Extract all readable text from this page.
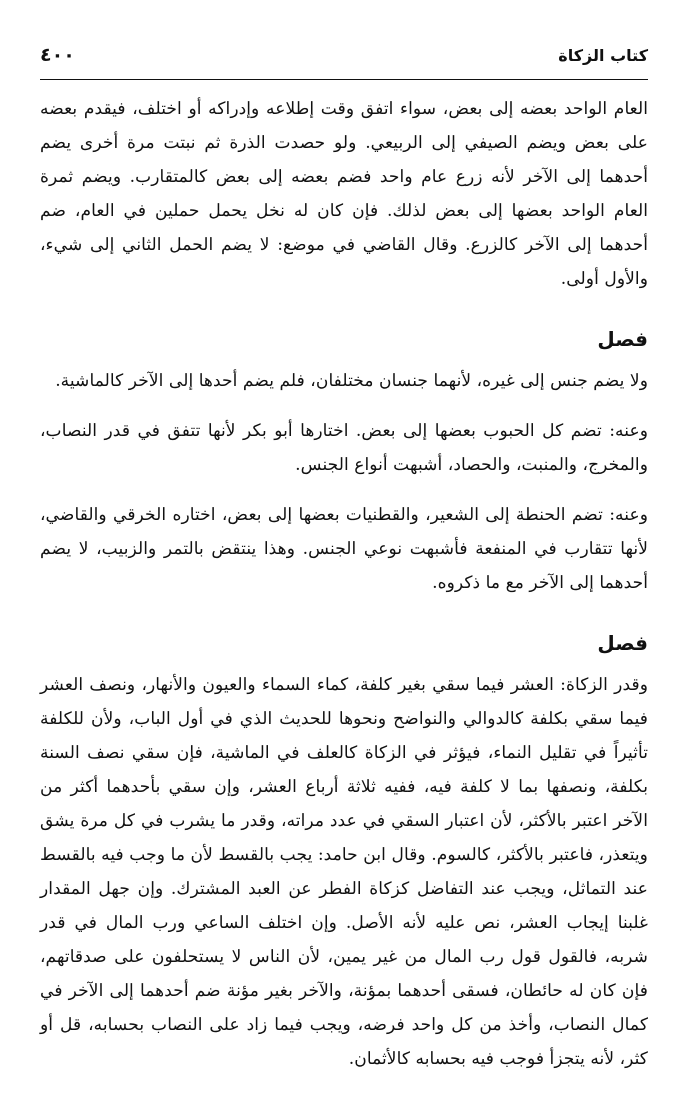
كتاب الزكاة
٤٠٠

العام الواحد بعضه إلى بعض، سواء اتفق وقت إطلاعه وإدراكه أو اختلف، فيقدم بعضه على بعض ويضم الصيفي إلى الربيعي. ولو حصدت الذرة ثم نبتت مرة أخرى يضم أحدهما إلى الآخر لأنه زرع عام واحد فضم بعضه إلى بعض كالمتقارب. ويضم ثمرة العام الواحد بعضها إلى بعض لذلك. فإن كان له نخل يحمل حملين في العام، ضم أحدهما إلى الآخر كالزرع. وقال القاضي في موضع: لا يضم الحمل الثاني إلى شيء، والأول أولى.

فصل

ولا يضم جنس إلى غيره، لأنهما جنسان مختلفان، فلم يضم أحدها إلى الآخر كالماشية.

وعنه: تضم كل الحبوب بعضها إلى بعض. اختارها أبو بكر لأنها تتفق في قدر النصاب، والمخرج، والمنبت، والحصاد، أشبهت أنواع الجنس.

وعنه: تضم الحنطة إلى الشعير، والقطنيات بعضها إلى بعض، اختاره الخرقي والقاضي، لأنها تتقارب في المنفعة فأشبهت نوعي الجنس. وهذا ينتقض بالتمر والزبيب، لا يضم أحدهما إلى الآخر مع ما ذكروه.

فصل

وقدر الزكاة: العشر فيما سقي بغير كلفة، كماء السماء والعيون والأنهار، ونصف العشر فيما سقي بكلفة كالدوالي والنواضح ونحوها للحديث الذي في أول الباب، ولأن للكلفة تأثيراً في تقليل النماء، فيؤثر في الزكاة كالعلف في الماشية، فإن سقي نصف السنة بكلفة، ونصفها بما لا كلفة فيه، ففيه ثلاثة أرباع العشر، وإن سقي بأحدهما أكثر من الآخر اعتبر بالأكثر، لأن اعتبار السقي في عدد مراته، وقدر ما يشرب في كل مرة يشق ويتعذر، فاعتبر بالأكثر، كالسوم. وقال ابن حامد: يجب بالقسط لأن ما وجب فيه بالقسط عند التماثل، ويجب عند التفاضل كزكاة الفطر عن العبد المشترك. وإن جهل المقدار غلبنا إيجاب العشر، نص عليه لأنه الأصل. وإن اختلف الساعي ورب المال في قدر شربه، فالقول قول رب المال من غير يمين، لأن الناس لا يستحلفون على صدقاتهم، فإن كان له حائطان، فسقى أحدهما بمؤنة، والآخر بغير مؤنة ضم أحدهما إلى الآخر في كمال النصاب، وأخذ من كل واحد فرضه، ويجب فيما زاد على النصاب بحسابه، قل أو كثر، لأنه يتجزأ فوجب فيه بحسابه كالأثمان.
